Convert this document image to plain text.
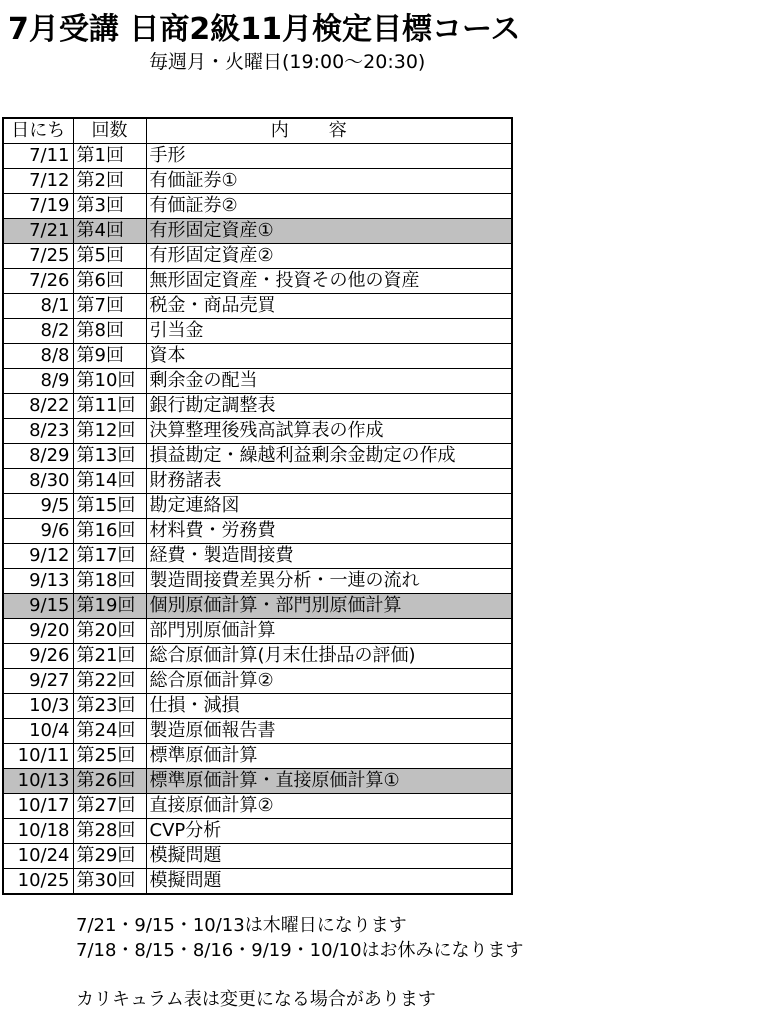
7月受講 日商2級11月検定目標コース
毎週月・火曜日(19:00〜20:30)
日にち	回数	内容
7/11	第1回	手形
7/12	第2回	有価証券①
7/19	第3回	有価証券②
7/21	第4回	有形固定資産①
7/25	第5回	有形固定資産②
7/26	第6回	無形固定資産・投資その他の資産
8/1	第7回	税金・商品売買
8/2	第8回	引当金
8/8	第9回	資本
8/9	第10回	剰余金の配当
8/22	第11回	銀行勘定調整表
8/23	第12回	決算整理後残高試算表の作成
8/29	第13回	損益勘定・繰越利益剰余金勘定の作成
8/30	第14回	財務諸表
9/5	第15回	勘定連絡図
9/6	第16回	材料費・労務費
9/12	第17回	経費・製造間接費
9/13	第18回	製造間接費差異分析・一連の流れ
9/15	第19回	個別原価計算・部門別原価計算
9/20	第20回	部門別原価計算
9/26	第21回	総合原価計算(月末仕掛品の評価)
9/27	第22回	総合原価計算②
10/3	第23回	仕損・減損
10/4	第24回	製造原価報告書
10/11	第25回	標準原価計算
10/13	第26回	標準原価計算・直接原価計算①
10/17	第27回	直接原価計算②
10/18	第28回	CVP分析
10/24	第29回	模擬問題
10/25	第30回	模擬問題
7/21・9/15・10/13は木曜日になります
7/18・8/15・8/16・9/19・10/10はお休みになります
カリキュラム表は変更になる場合があります
